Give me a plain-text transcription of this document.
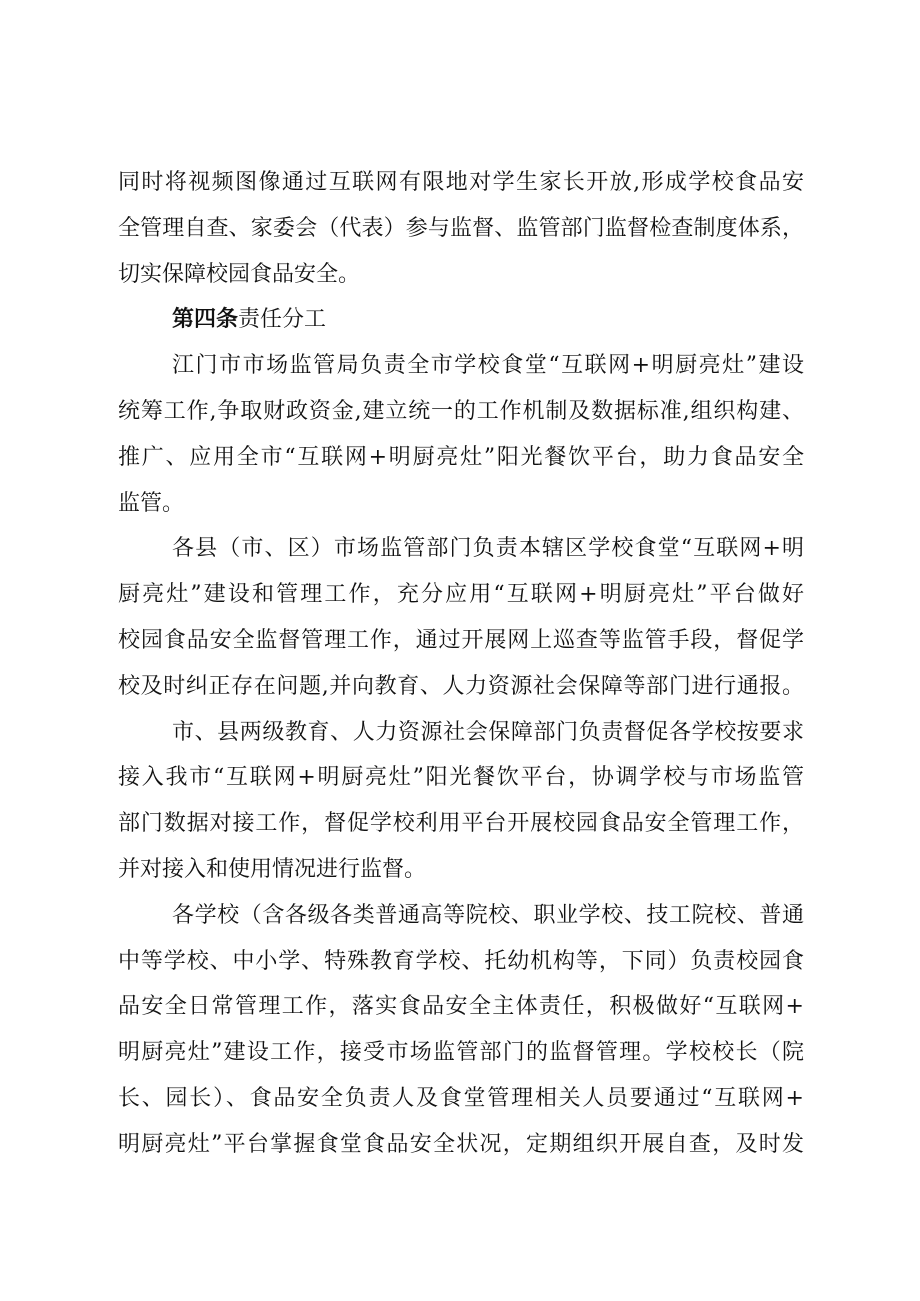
同时将视频图像通过互联网有限地对学生家长开放,形成学校食品安
全管理自查、家委会（代表）参与监督、监管部门监督检查制度体系，
切实保障校园食品安全。
第四条责任分工
江门市市场监管局负责全市学校食堂“互联网+明厨亮灶”建设
统筹工作,争取财政资金,建立统一的工作机制及数据标准,组织构建、
推广、应用全市“互联网+明厨亮灶”阳光餐饮平台，助力食品安全
监管。
各县（市、区）市场监管部门负责本辖区学校食堂“互联网+明
厨亮灶”建设和管理工作，充分应用“互联网+明厨亮灶”平台做好
校园食品安全监督管理工作，通过开展网上巡查等监管手段，督促学
校及时纠正存在问题,并向教育、人力资源社会保障等部门进行通报。
市、县两级教育、人力资源社会保障部门负责督促各学校按要求
接入我市“互联网+明厨亮灶”阳光餐饮平台，协调学校与市场监管
部门数据对接工作，督促学校利用平台开展校园食品安全管理工作，
并对接入和使用情况进行监督。
各学校（含各级各类普通高等院校、职业学校、技工院校、普通
中等学校、中小学、特殊教育学校、托幼机构等，下同）负责校园食
品安全日常管理工作，落实食品安全主体责任，积极做好“互联网+
明厨亮灶”建设工作，接受市场监管部门的监督管理。学校校长（院
长、园长）、食品安全负责人及食堂管理相关人员要通过“互联网+
明厨亮灶”平台掌握食堂食品安全状况，定期组织开展自查，及时发
